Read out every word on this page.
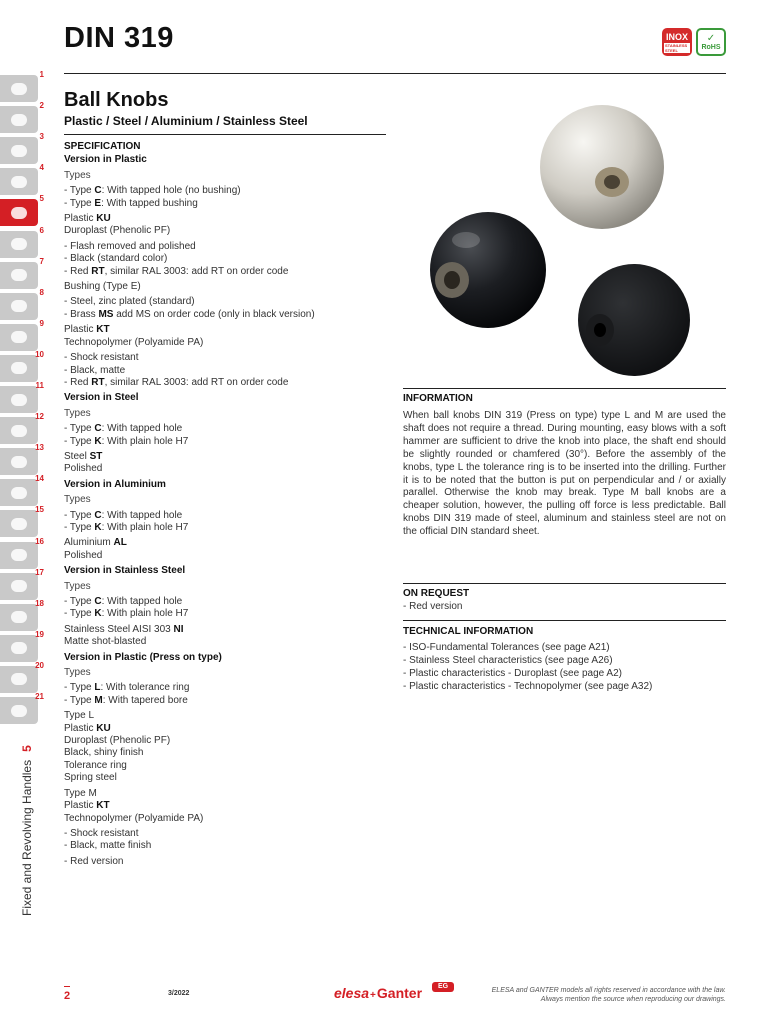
DIN 319	INOX
STAINLESS STEEL
✓
RoHS
1
2
3
4
5
6
7
8
9
10
11
12
13
14
15
16
17
18
19
20
21
Fixed and Revolving Handles5
Ball Knobs
Plastic / Steel / Aluminium / Stainless Steel
SPECIFICATION
Version in Plastic
Types
- Type C: With tapped hole (no bushing)
- Type E: With tapped bushing
Plastic KU
Duroplast (Phenolic PF)
- Flash removed and polished
- Black (standard color)
- Red RT, similar RAL 3003: add RT on order code
Bushing (Type E)
- Steel, zinc plated (standard)
- Brass MS add MS on order code (only in black version)
Plastic KT
Technopolymer (Polyamide PA)
- Shock resistant
- Black, matte
- Red RT, similar RAL 3003: add RT on order code
Version in Steel
Types
- Type C: With tapped hole
- Type K: With plain hole H7
Steel ST
Polished
Version in Aluminium
Types
- Type C: With tapped hole
- Type K: With plain hole H7
Aluminium AL
Polished
Version in Stainless Steel
Types
- Type C: With tapped hole
- Type K: With plain hole H7
Stainless Steel AISI 303 NI
Matte shot-blasted
Version in Plastic (Press on type)
Types
- Type L: With tolerance ring
- Type M: With tapered bore
Type L
Plastic KU
Duroplast (Phenolic PF)
Black, shiny finish
Tolerance ring
Spring steel
Type M
Plastic KT
Technopolymer (Polyamide PA)
- Shock resistant
- Black, matte finish
- Red version
INFORMATION
When ball knobs DIN 319 (Press on type) type L and M are used the shaft does not require a thread. During mounting, easy blows with a soft hammer are sufficient to drive the knob into place, the shaft end should be slightly rounded or chamfered (30°). Before the assembly of the knobs, type L the tolerance ring is to be inserted into the drilling. Further it is to be noted that the button is put on perpendicular and / or axially parallel. Otherwise the knob may break. Type M ball knobs are a cheaper solution, however, the pulling off force is less predictable. Ball knobs DIN 319 made of steel, aluminum and stainless steel are not on the official DIN standard sheet.
ON REQUEST
- Red version
TECHNICAL INFORMATION
- ISO-Fundamental Tolerances (see page A21)
- Stainless Steel characteristics (see page A26)
- Plastic characteristics - Duroplast (see page A2)
- Plastic characteristics - Technopolymer (see page A32)
2	3/2022	elesa+Ganter	EG
ELESA and GANTER models all rights reserved in accordance with the law.
Always mention the source when reproducing our drawings.
